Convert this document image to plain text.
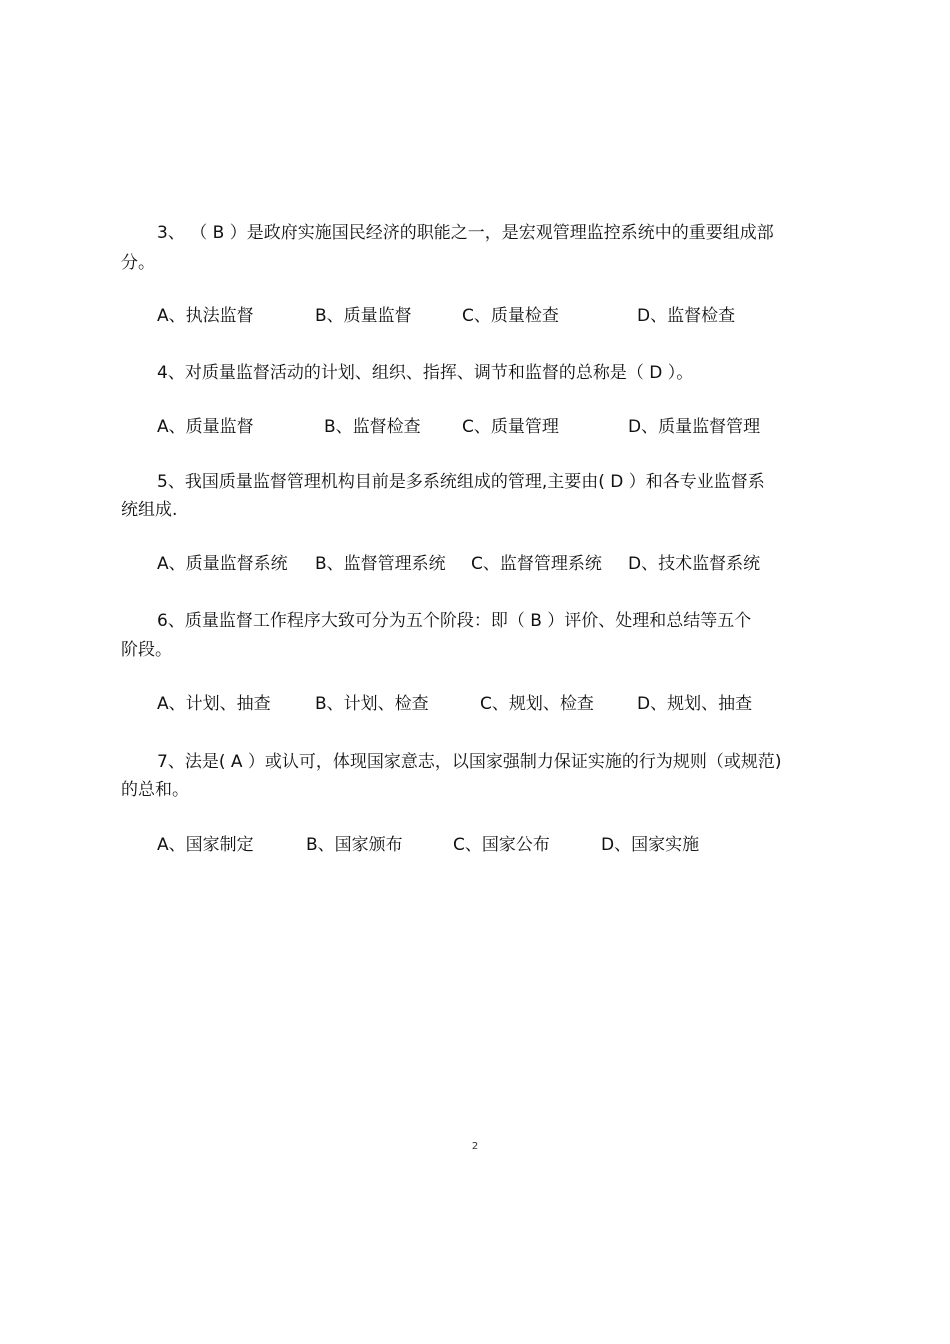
3、 （ B ）是政府实施国民经济的职能之一，是宏观管理监控系统中的重要组成部
分。
A、执法监督	B、质量监督	C、质量检查	D、监督检查
4、对质量监督活动的计划、组织、指挥、调节和监督的总称是（ D ）。
A、质量监督	B、监督检查 C、质量管理	D、质量监督管理
5、我国质量监督管理机构目前是多系统组成的管理,主要由( D ）和各专业监督系
统组成.
A、质量监督系统 B、监督管理系统 C、监督管理系统 D、技术监督系统
6、质量监督工作程序大致可分为五个阶段：即（ B ）评价、处理和总结等五个
阶段。
A、计划、抽查	B、计划、检查	C、规划、检查	D、规划、抽查
7、法是( A ）或认可，体现国家意志，以国家强制力保证实施的行为规则（或规范)
的总和。
A、国家制定	B、国家颁布	C、国家公布	D、国家实施
2
